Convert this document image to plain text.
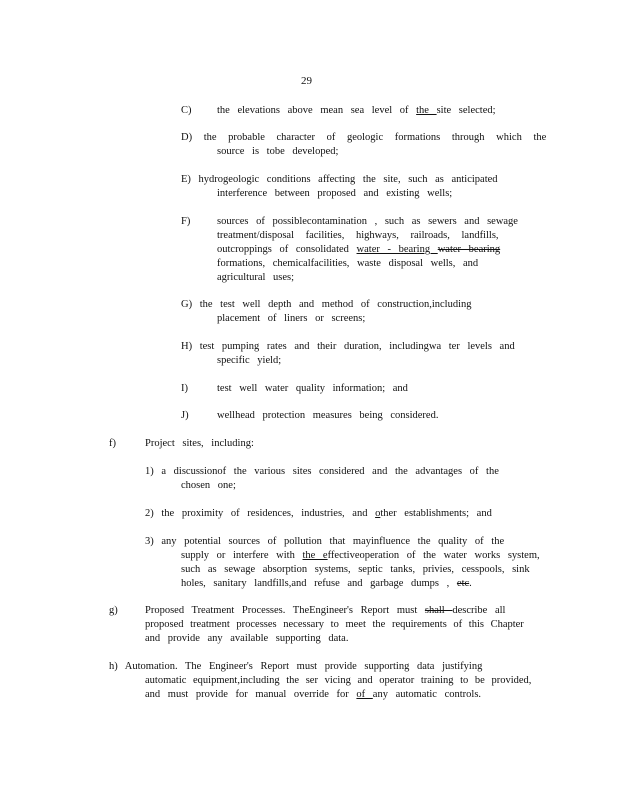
29
C) the elevations above mean sea level of the site selected;
D) the probable character of geologic formations through which the
source is tobe developed;
E) hydrogeologic conditions affecting the site, such as anticipated
interference between proposed and existing wells;
F)	sources of possiblecontamination , such as sewers and sewage
treatment/disposal facilities, highways, railroads, landfills,
outcroppings of consolidated water - bearing water bearing
formations, chemicalfacilities, waste disposal wells, and
agricultural uses;
G) the test well depth and method of construction,including
placement of liners or screens;
H) test pumping rates and their duration, includingwa ter levels and
specific yield;
I)	test well water quality information; and
J)	wellhead protection measures being considered.
f)	Project sites, including:
1) a discussionof the various sites considered and the advantages of the
chosen one;
2) the proximity of residences, industries, and other establishments; and
3) any potential sources of pollution that mayinfluence the quality of the
supply or interfere with the effectiveoperation of the water works system,
such as sewage absorption systems, septic tanks, privies, cesspools, sink
holes, sanitary landfills,and refuse and garbage dumps , etc.
g)	Proposed Treatment Processes. TheEngineer's Report must shall describe all
proposed treatment processes necessary to meet the requirements of this Chapter
and provide any available supporting data.
h) Automation. The Engineer's Report must provide supporting data justifying
automatic equipment,including the ser vicing and operator training to be provided,
and must provide for manual override for of any automatic controls.
